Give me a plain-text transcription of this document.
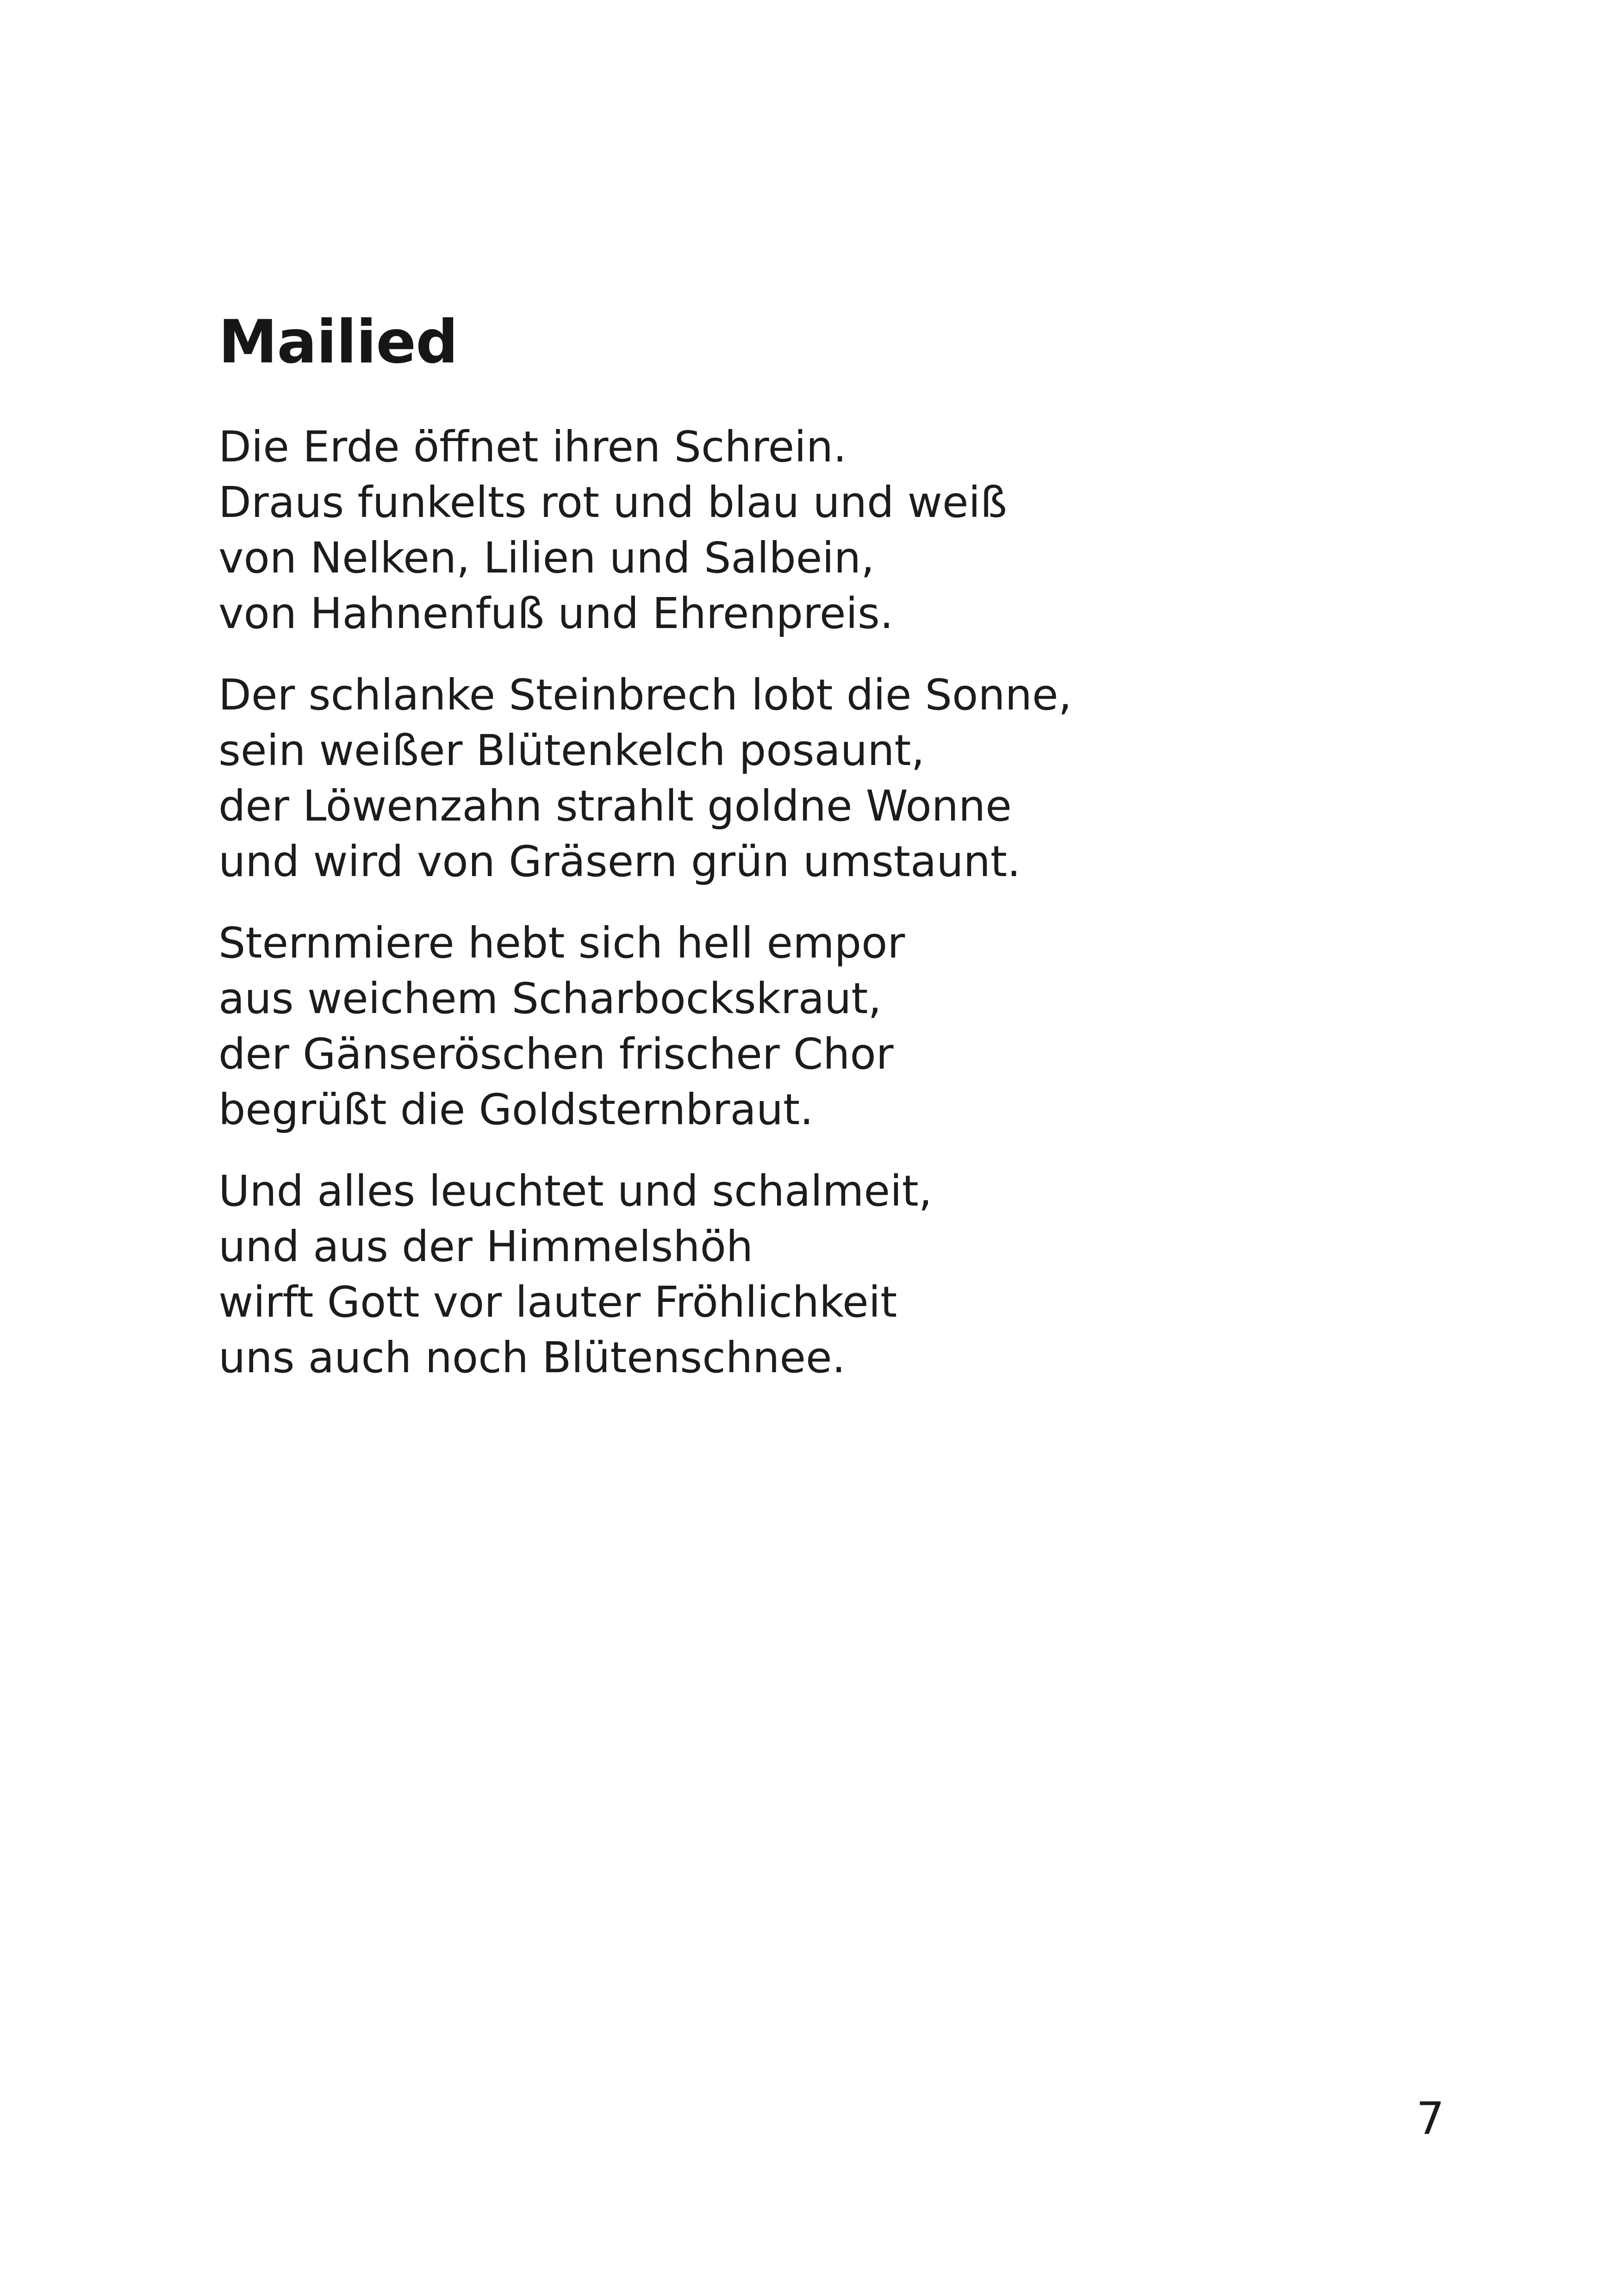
Mailied

Die Erde öffnet ihren Schrein.
Draus funkelts rot und blau und weiß
von Nelken, Lilien und Salbein,
von Hahnenfuß und Ehrenpreis.

Der schlanke Steinbrech lobt die Sonne,
sein weißer Blütenkelch posaunt,
der Löwenzahn strahlt goldne Wonne
und wird von Gräsern grün umstaunt.

Sternmiere hebt sich hell empor
aus weichem Scharbockskraut,
der Gänseröschen frischer Chor
begrüßt die Goldsternbraut.

Und alles leuchtet und schalmeit,
und aus der Himmelshöh
wirft Gott vor lauter Fröhlichkeit
uns auch noch Blütenschnee.

7
